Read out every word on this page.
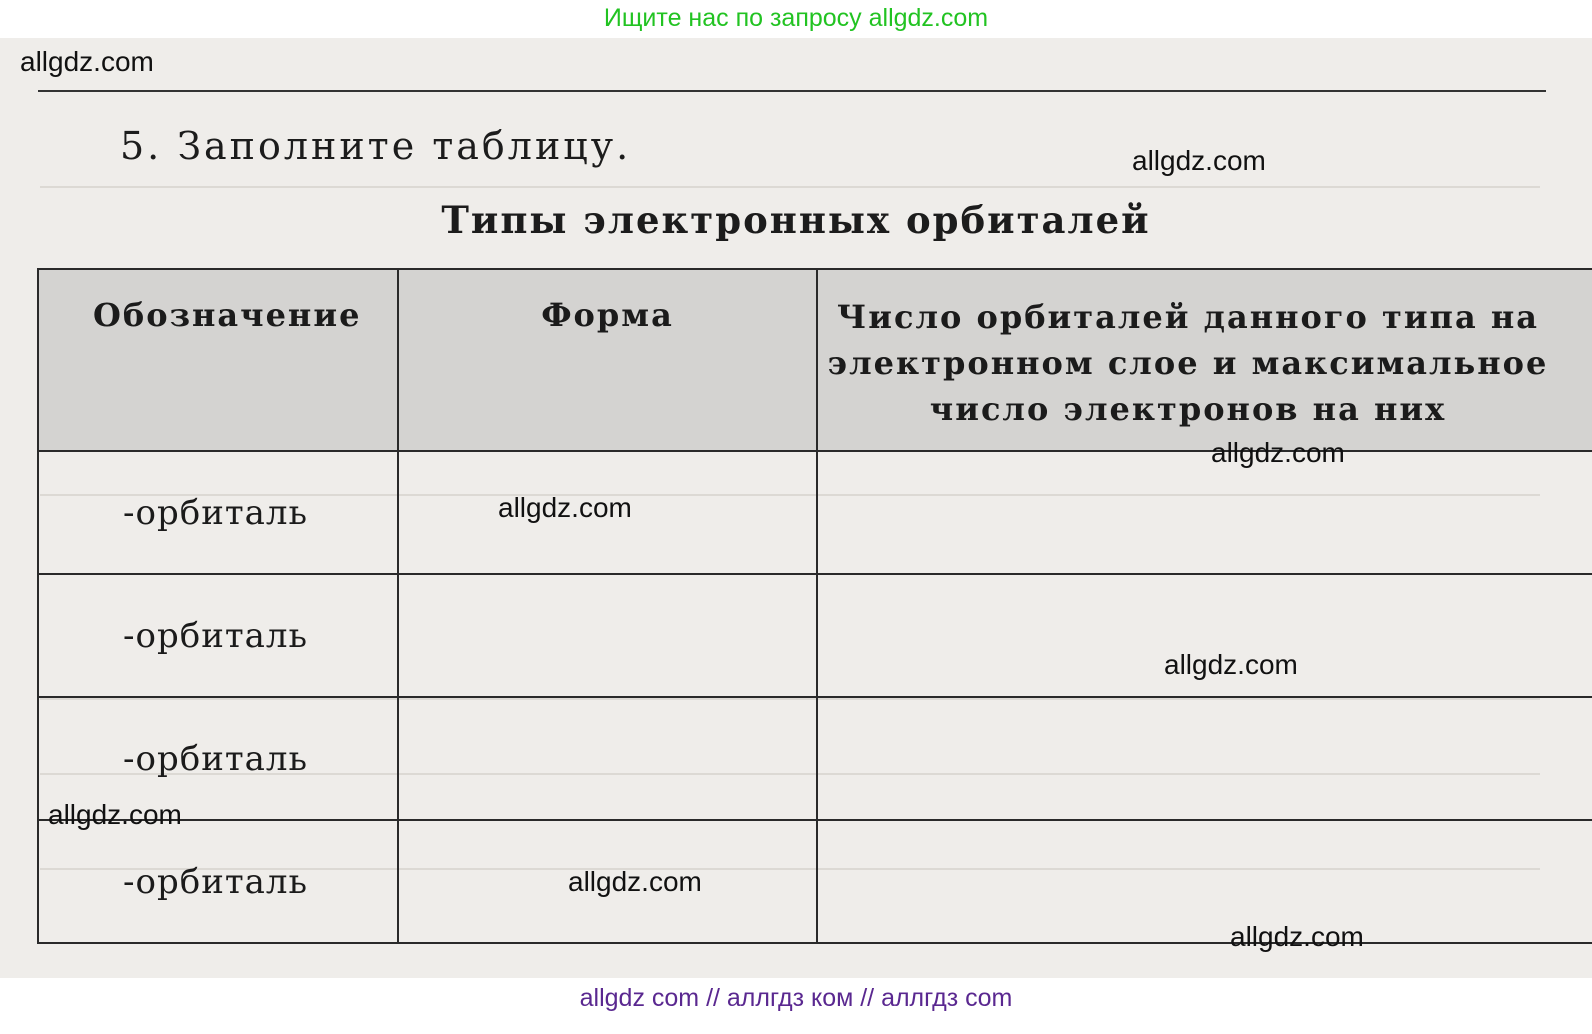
Ищите нас по запросу allgdz.com
5. Заполните таблицу.
Типы электронных орбиталей
Обозначение	Форма	Число орбиталей данного типа на электронном слое и максимальное число электронов на них

-орбиталь		

-орбиталь		

-орбиталь		

-орбиталь		

allgdz.com
allgdz.com
allgdz.com
allgdz.com
allgdz.com
allgdz.com
allgdz.com
allgdz.com
allgdz com // аллгдз ком // аллгдз com
